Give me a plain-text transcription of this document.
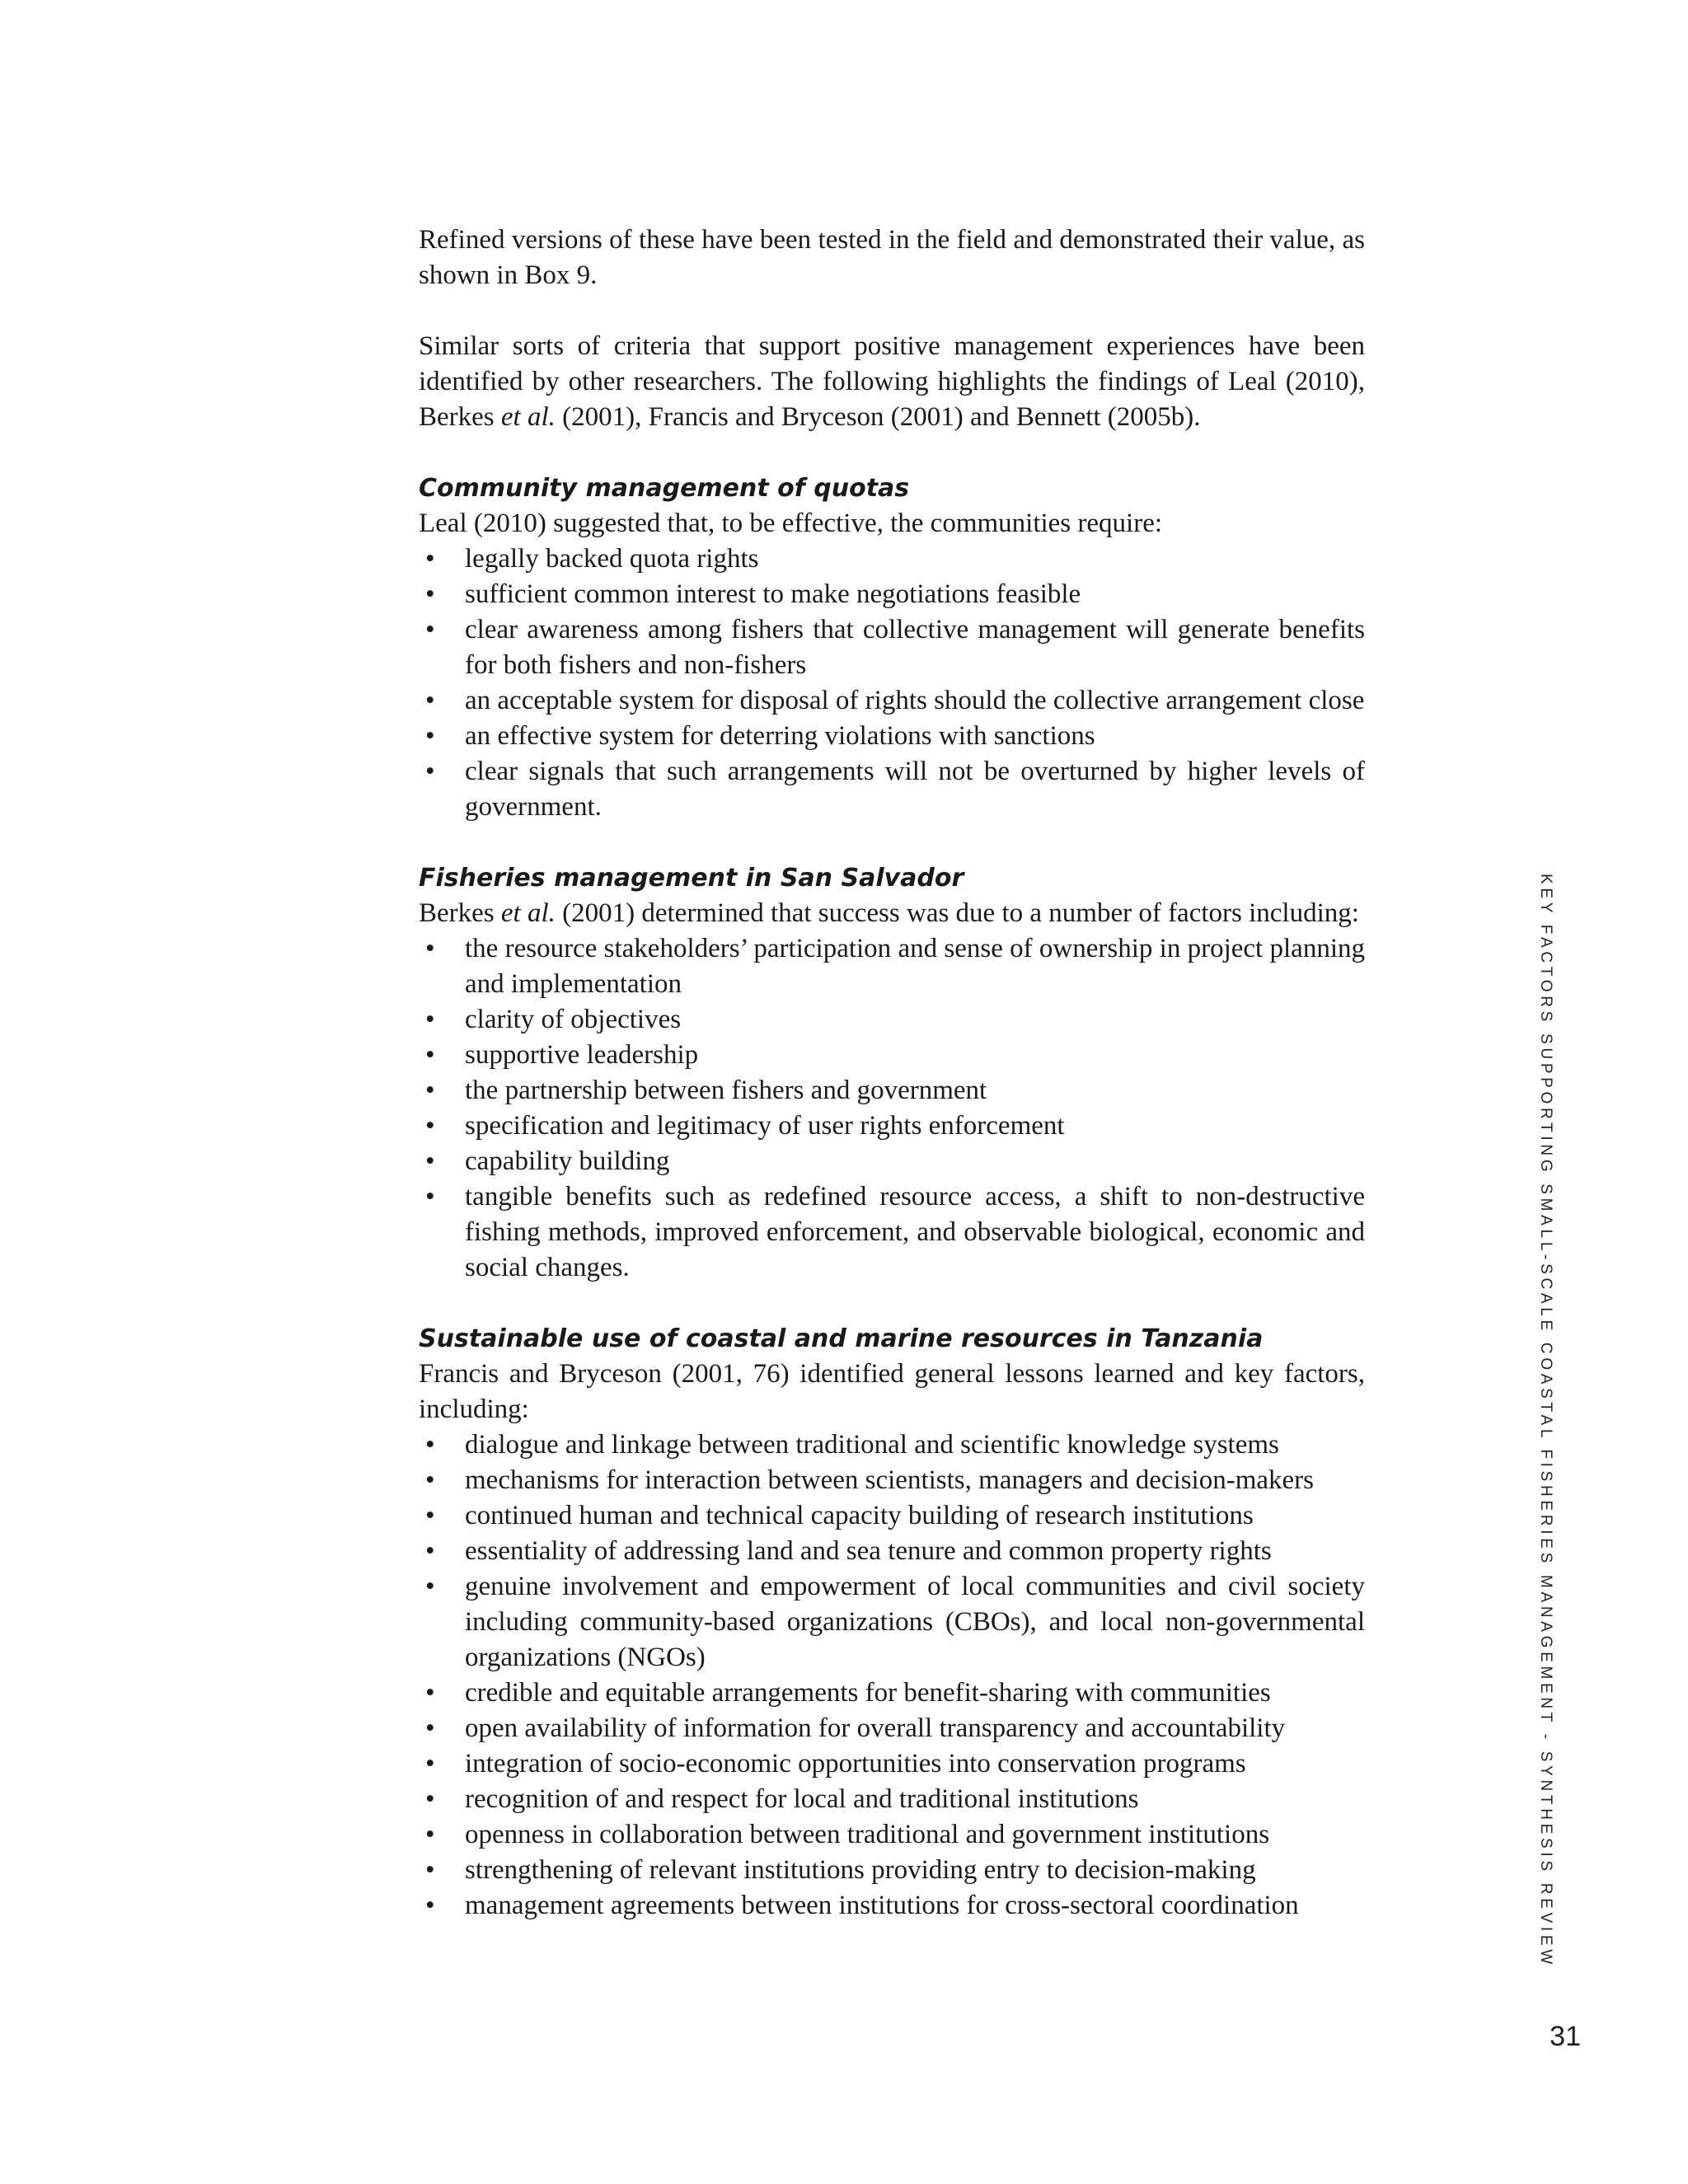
Refined versions of these have been tested in the field and demonstrated their value, as shown in Box 9.

Similar sorts of criteria that support positive management experiences have been identified by other researchers. The following highlights the findings of Leal (2010), Berkes et al. (2001), Francis and Bryceson (2001) and Bennett (2005b).

Community management of quotas

Leal (2010) suggested that, to be effective, the communities require:

• legally backed quota rights
• sufficient common interest to make negotiations feasible
• clear awareness among fishers that collective management will generate benefits for both fishers and non-fishers
• an acceptable system for disposal of rights should the collective arrangement close
• an effective system for deterring violations with sanctions
• clear signals that such arrangements will not be overturned by higher levels of government.
Fisheries management in San Salvador

Berkes et al. (2001) determined that success was due to a number of factors including:

• the resource stakeholders’ participation and sense of ownership in project planning and implementation
• clarity of objectives
• supportive leadership
• the partnership between fishers and government
• specification and legitimacy of user rights enforcement
• capability building
• tangible benefits such as redefined resource access, a shift to non-destructive fishing methods, improved enforcement, and observable biological, economic and social changes.
Sustainable use of coastal and marine resources in Tanzania

Francis and Bryceson (2001, 76) identified general lessons learned and key factors, including:

• dialogue and linkage between traditional and scientific knowledge systems
• mechanisms for interaction between scientists, managers and decision-makers
• continued human and technical capacity building of research institutions
• essentiality of addressing land and sea tenure and common property rights
• genuine involvement and empowerment of local communities and civil society including community-based organizations (CBOs), and local non-governmental organizations (NGOs)
• credible and equitable arrangements for benefit-sharing with communities
• open availability of information for overall transparency and accountability
• integration of socio-economic opportunities into conservation programs
• recognition of and respect for local and traditional institutions
• openness in collaboration between traditional and government institutions
• strengthening of relevant institutions providing entry to decision-making
• management agreements between institutions for cross-sectoral coordination	KEY FACTORS SUPPORTING SMALL-SCALE COASTAL FISHERIES MANAGEMENT - SYNTHESIS REVIEW
31
